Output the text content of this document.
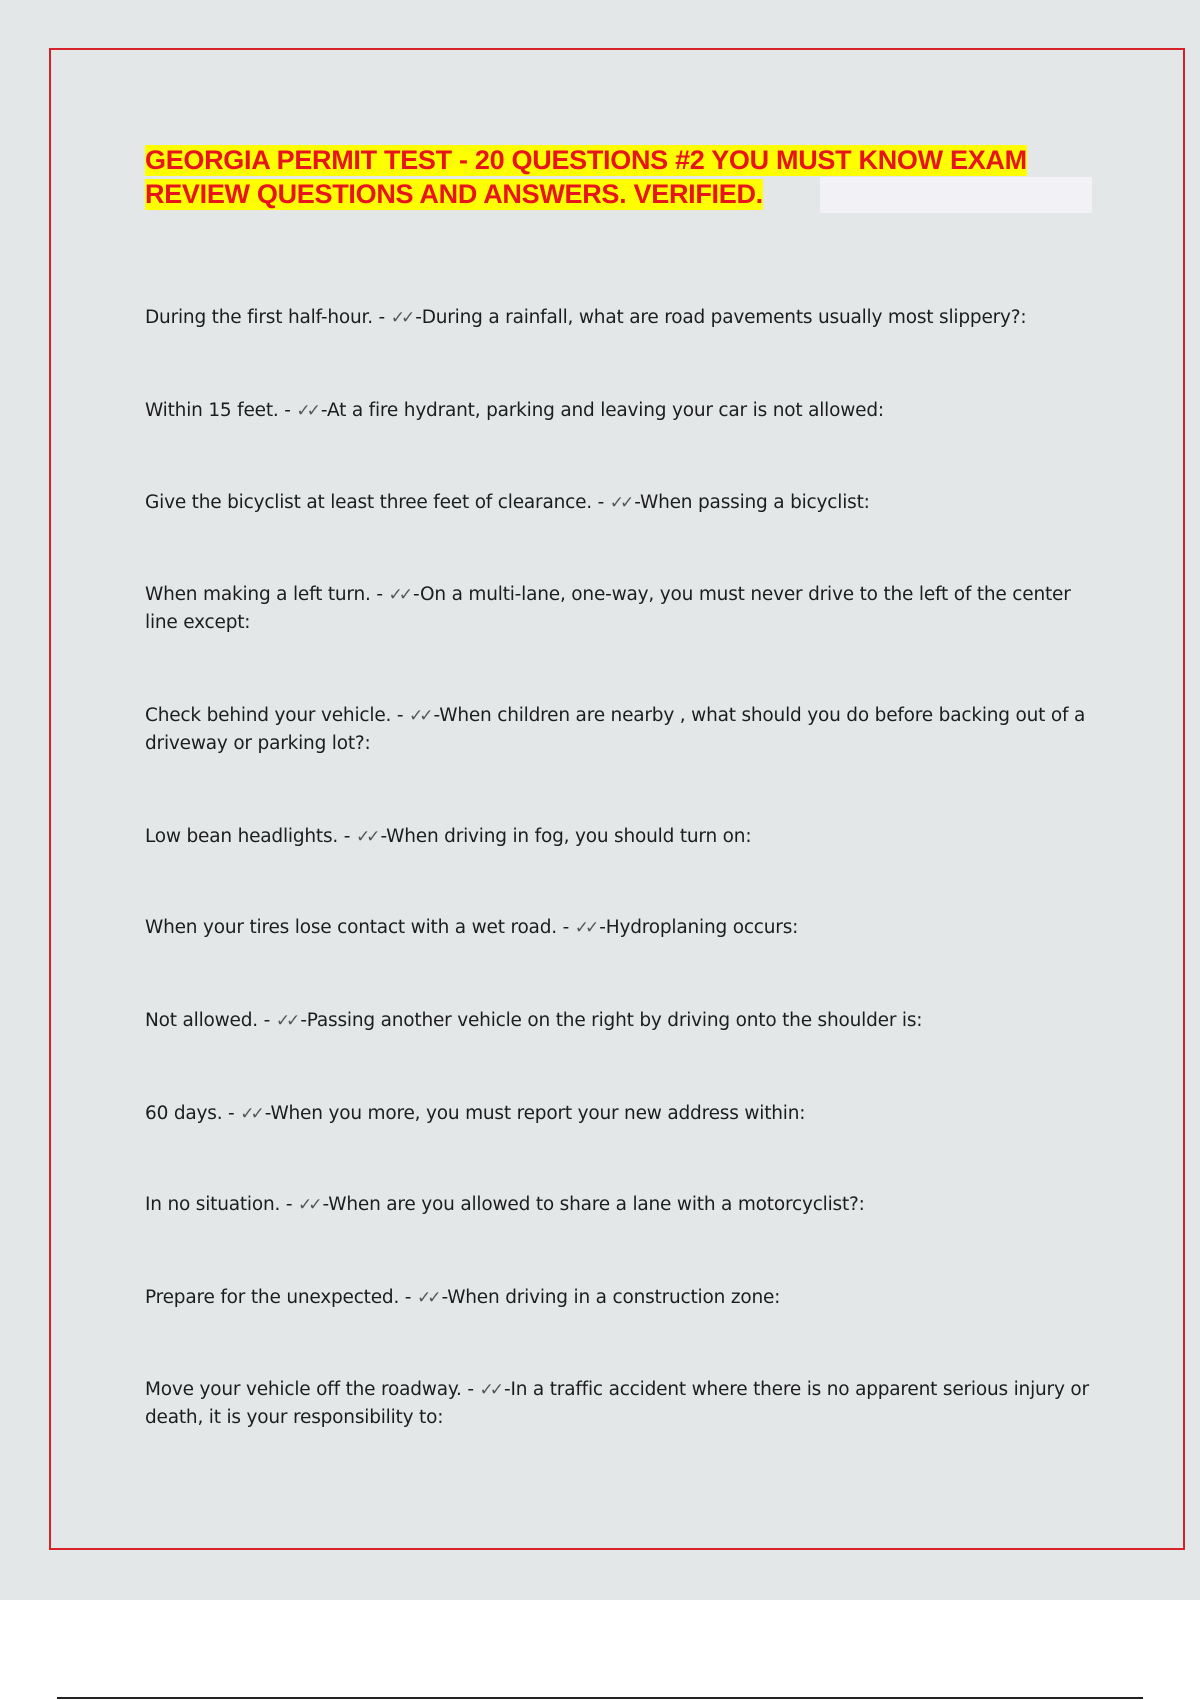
GEORGIA PERMIT TEST - 20 QUESTIONS #2 YOU MUST KNOW EXAM
REVIEW QUESTIONS AND ANSWERS. VERIFIED.

During the first half-hour. - ✓✓ -During a rainfall, what are road pavements usually most slippery?:

Within 15 feet. - ✓✓ -At a fire hydrant, parking and leaving your car is not allowed:

Give the bicyclist at least three feet of clearance. - ✓✓ -When passing a bicyclist:

When making a left turn. - ✓✓ -On a multi-lane, one-way, you must never drive to the left of the center line except:

Check behind your vehicle. - ✓✓ -When children are nearby , what should you do before backing out of a driveway or parking lot?:

Low bean headlights. - ✓✓ -When driving in fog, you should turn on:

When your tires lose contact with a wet road. - ✓✓ -Hydroplaning occurs:

Not allowed. - ✓✓ -Passing another vehicle on the right by driving onto the shoulder is:

60 days. - ✓✓ -When you more, you must report your new address within:

In no situation. - ✓✓ -When are you allowed to share a lane with a motorcyclist?:

Prepare for the unexpected. - ✓✓ -When driving in a construction zone:

Move your vehicle off the roadway. - ✓✓ -In a traffic accident where there is no apparent serious injury or death, it is your responsibility to:
